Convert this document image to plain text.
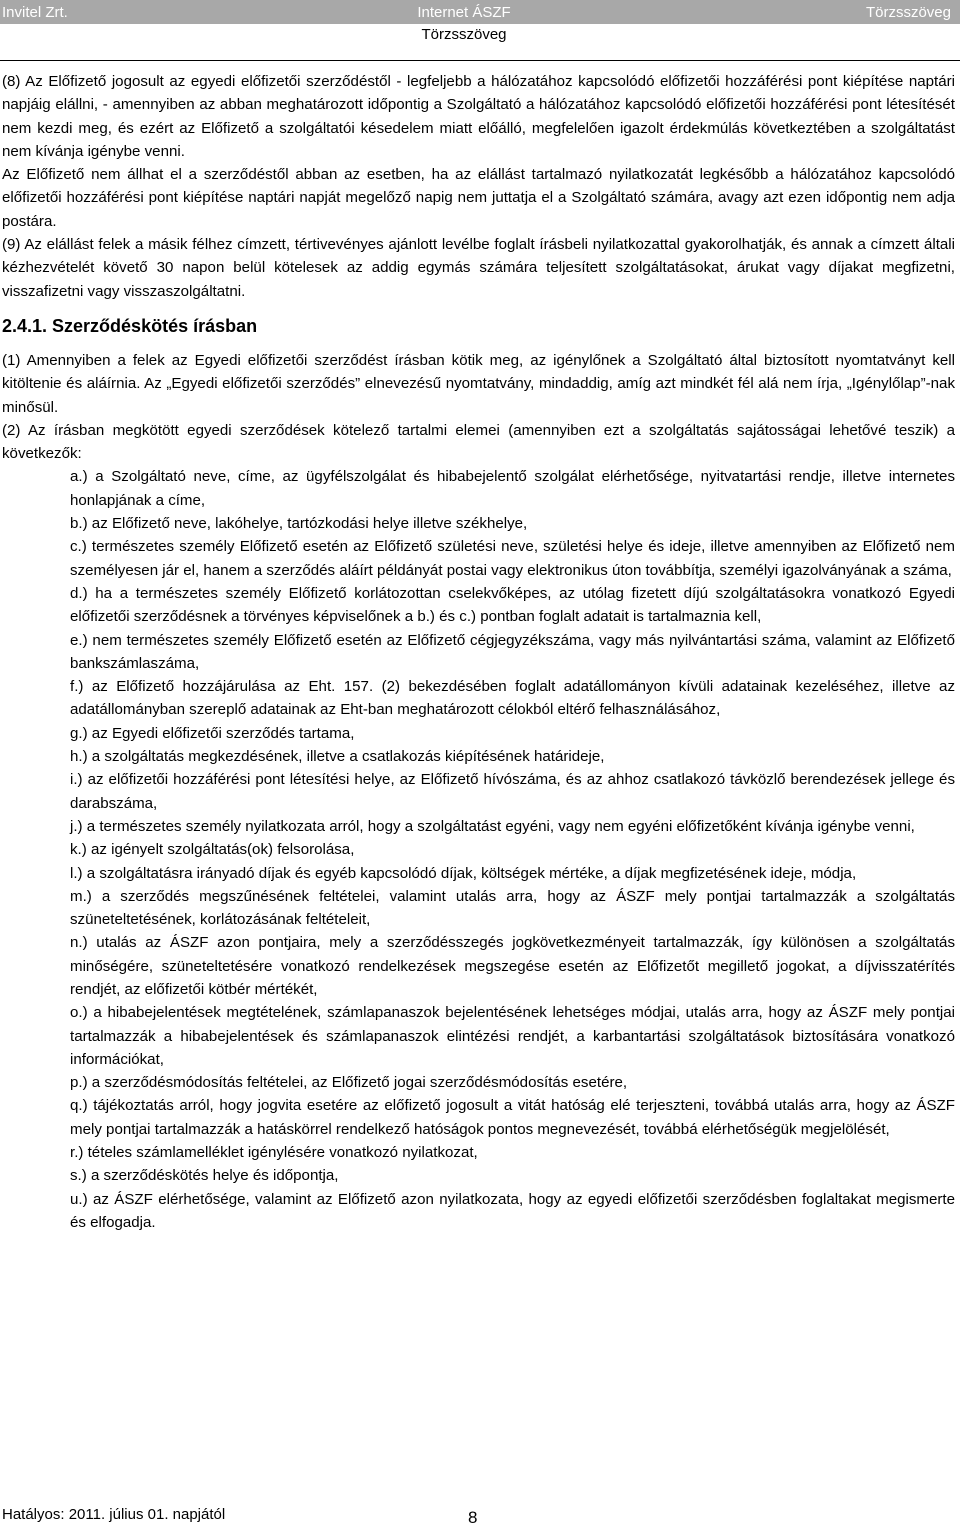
Invitel Zrt.	Internet ÁSZF
Törzsszöveg
Törzsszöveg

(8) Az Előfizető jogosult az egyedi előfizetői szerződéstől - legfeljebb a hálózatához kapcsolódó előfizetői hozzáférési pont kiépítése naptári napjáig elállni, - amennyiben az abban meghatározott időpontig a Szolgáltató a hálózatához kapcsolódó előfizetői hozzáférési pont létesítését nem kezdi meg, és ezért az Előfizető a szolgáltatói késedelem miatt előálló, megfelelően igazolt érdekmúlás következtében a szolgáltatást nem kívánja igénybe venni.

Az Előfizető nem állhat el a szerződéstől abban az esetben, ha az elállást tartalmazó nyilatkozatát legkésőbb a hálózatához kapcsolódó előfizetői hozzáférési pont kiépítése naptári napját megelőző napig nem juttatja el a Szolgáltató számára, avagy azt ezen időpontig nem adja postára.

(9) Az elállást felek a másik félhez címzett, tértivevényes ajánlott levélbe foglalt írásbeli nyilatkozattal gyakorolhatják, és annak a címzett általi kézhezvételét követő 30 napon belül kötelesek az addig egymás számára teljesített szolgáltatásokat, árukat vagy díjakat megfizetni, visszafizetni vagy visszaszolgáltatni.

2.4.1. Szerződéskötés írásban

(1) Amennyiben a felek az Egyedi előfizetői szerződést írásban kötik meg, az igénylőnek a Szolgáltató által biztosított nyomtatványt kell kitöltenie és aláírnia. Az „Egyedi előfizetői szerződés” elnevezésű nyomtatvány, mindaddig, amíg azt mindkét fél alá nem írja, „Igénylőlap”-nak minősül.

(2) Az írásban megkötött egyedi szerződések kötelező tartalmi elemei (amennyiben ezt a szolgáltatás sajátosságai lehetővé teszik) a következők:

a.) a Szolgáltató neve, címe, az ügyfélszolgálat és hibabejelentő szolgálat elérhetősége, nyitvatartási rendje, illetve internetes honlapjának a címe,
b.) az Előfizető neve, lakóhelye, tartózkodási helye illetve székhelye,
c.) természetes személy Előfizető esetén az Előfizető születési neve, születési helye és ideje, illetve amennyiben az Előfizető nem személyesen jár el, hanem a szerződés aláírt példányát postai vagy elektronikus úton továbbítja, személyi igazolványának a száma,
d.) ha a természetes személy Előfizető korlátozottan cselekvőképes, az utólag fizetett díjú szolgáltatásokra vonatkozó Egyedi előfizetői szerződésnek a törvényes képviselőnek a b.) és c.) pontban foglalt adatait is tartalmaznia kell,
e.) nem természetes személy Előfizető esetén az Előfizető cégjegyzékszáma, vagy más nyilvántartási száma, valamint az Előfizető bankszámlaszáma,
f.) az Előfizető hozzájárulása az Eht. 157. (2) bekezdésében foglalt adatállományon kívüli adatainak kezeléséhez, illetve az adatállományban szereplő adatainak az Eht-ban meghatározott célokból eltérő felhasználásához,
g.) az Egyedi előfizetői szerződés tartama,
h.) a szolgáltatás megkezdésének, illetve a csatlakozás kiépítésének határideje,
i.) az előfizetői hozzáférési pont létesítési helye, az Előfizető hívószáma, és az ahhoz csatlakozó távközlő berendezések jellege és darabszáma,
j.) a természetes személy nyilatkozata arról, hogy a szolgáltatást egyéni, vagy nem egyéni előfizetőként kívánja igénybe venni,
k.) az igényelt szolgáltatás(ok) felsorolása,
l.) a szolgáltatásra irányadó díjak és egyéb kapcsolódó díjak, költségek mértéke, a díjak megfizetésének ideje, módja,
m.) a szerződés megszűnésének feltételei, valamint utalás arra, hogy az ÁSZF mely pontjai tartalmazzák a szolgáltatás szüneteltetésének, korlátozásának feltételeit,
n.) utalás az ÁSZF azon pontjaira, mely a szerződésszegés jogkövetkezményeit tartalmazzák, így különösen a szolgáltatás minőségére, szüneteltetésére vonatkozó rendelkezések megszegése esetén az Előfizetőt megillető jogokat, a díjvisszatérítés rendjét, az előfizetői kötbér mértékét,
o.) a hibabejelentések megtételének, számlapanaszok bejelentésének lehetséges módjai, utalás arra, hogy az ÁSZF mely pontjai tartalmazzák a hibabejelentések és számlapanaszok elintézési rendjét, a karbantartási szolgáltatások biztosítására vonatkozó információkat,
p.) a szerződésmódosítás feltételei, az Előfizető jogai szerződésmódosítás esetére,
q.) tájékoztatás arról, hogy jogvita esetére az előfizető jogosult a vitát hatóság elé terjeszteni, továbbá utalás arra, hogy az ÁSZF mely pontjai tartalmazzák a hatáskörrel rendelkező hatóságok pontos megnevezését, továbbá elérhetőségük megjelölését,
r.) tételes számlamelléklet igénylésére vonatkozó nyilatkozat,
s.) a szerződéskötés helye és időpontja,
u.) az ÁSZF elérhetősége, valamint az Előfizető azon nyilatkozata, hogy az egyedi előfizetői szerződésben foglaltakat megismerte és elfogadja.
Hatályos: 2011. július 01. napjától	8
